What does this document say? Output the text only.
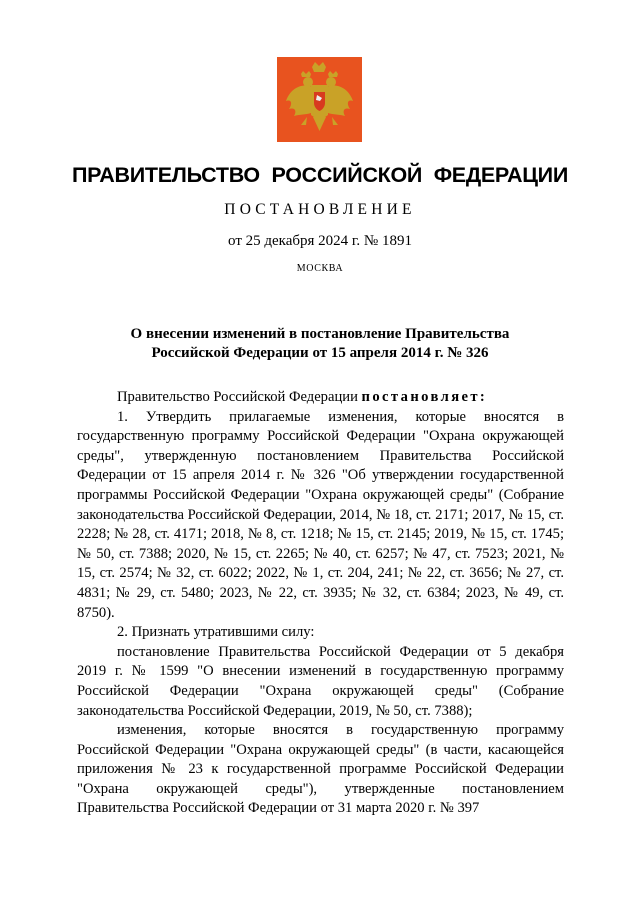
ПРАВИТЕЛЬСТВО РОССИЙСКОЙ ФЕДЕРАЦИИ
ПОСТАНОВЛЕНИЕ
от 25 декабря 2024 г. № 1891
МОСКВА
О внесении изменений в постановление Правительства
Российской Федерации от 15 апреля 2014 г. № 326

Правительство Российской Федерации постановляет:

1. Утвердить прилагаемые изменения, которые вносятся в государственную программу Российской Федерации "Охрана окружающей среды", утвержденную постановлением Правительства Российской Федерации от 15 апреля 2014 г. № 326 "Об утверждении государственной программы Российской Федерации "Охрана окружающей среды" (Собрание законодательства Российской Федерации, 2014, № 18, ст. 2171; 2017, № 15, ст. 2228; № 28, ст. 4171; 2018, № 8, ст. 1218; № 15, ст. 2145; 2019, № 15, ст. 1745; № 50, ст. 7388; 2020, № 15, ст. 2265; № 40, ст. 6257; № 47, ст. 7523; 2021, № 15, ст. 2574; № 32, ст. 6022; 2022, № 1, ст. 204, 241; № 22, ст. 3656; № 27, ст. 4831; № 29, ст. 5480; 2023, № 22, ст. 3935; № 32, ст. 6384; 2023, № 49, ст. 8750).

2. Признать утратившими силу:

постановление Правительства Российской Федерации от 5 декабря 2019 г. № 1599 "О внесении изменений в государственную программу Российской Федерации "Охрана окружающей среды" (Собрание законодательства Российской Федерации, 2019, № 50, ст. 7388);

изменения, которые вносятся в государственную программу Российской Федерации "Охрана окружающей среды" (в части, касающейся приложения № 23 к государственной программе Российской Федерации "Охрана окружающей среды"), утвержденные постановлением Правительства Российской Федерации от 31 марта 2020 г. № 397
